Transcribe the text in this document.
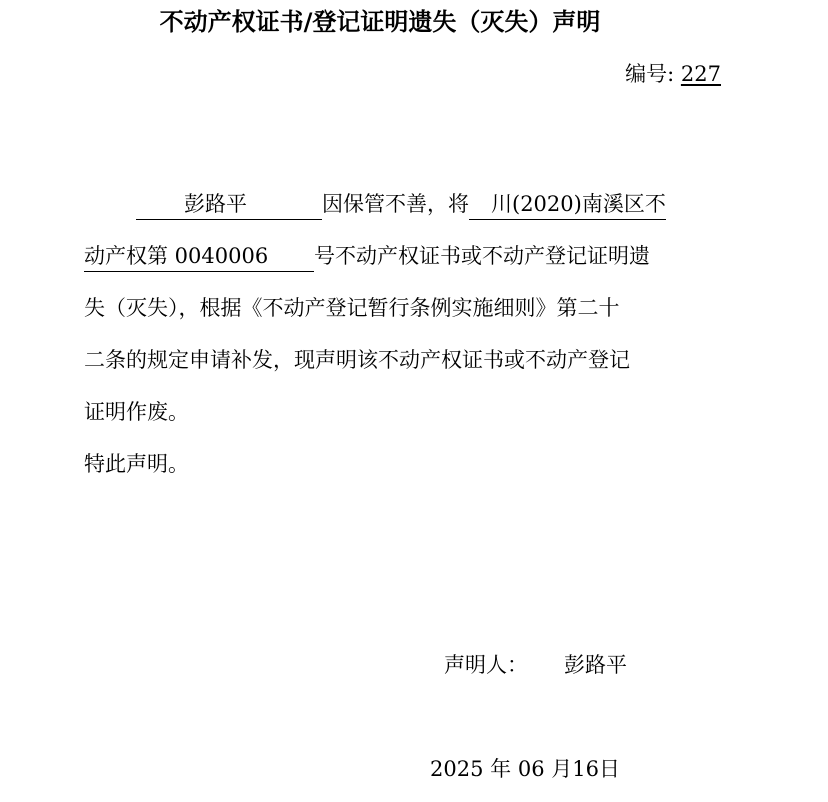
不动产权证书/登记证明遗失（灭失）声明
编号: 227
彭路平	因保管不善，将 川(2020)南溪区不
动产权第 0040006 号不动产权证书或不动产登记证明遗
失（灭失），根据《不动产登记暂行条例实施细则》第二十
二条的规定申请补发，现声明该不动产权证书或不动产登记
证明作废。
特此声明。
声明人： 彭路平
2025 年 06 月16日
